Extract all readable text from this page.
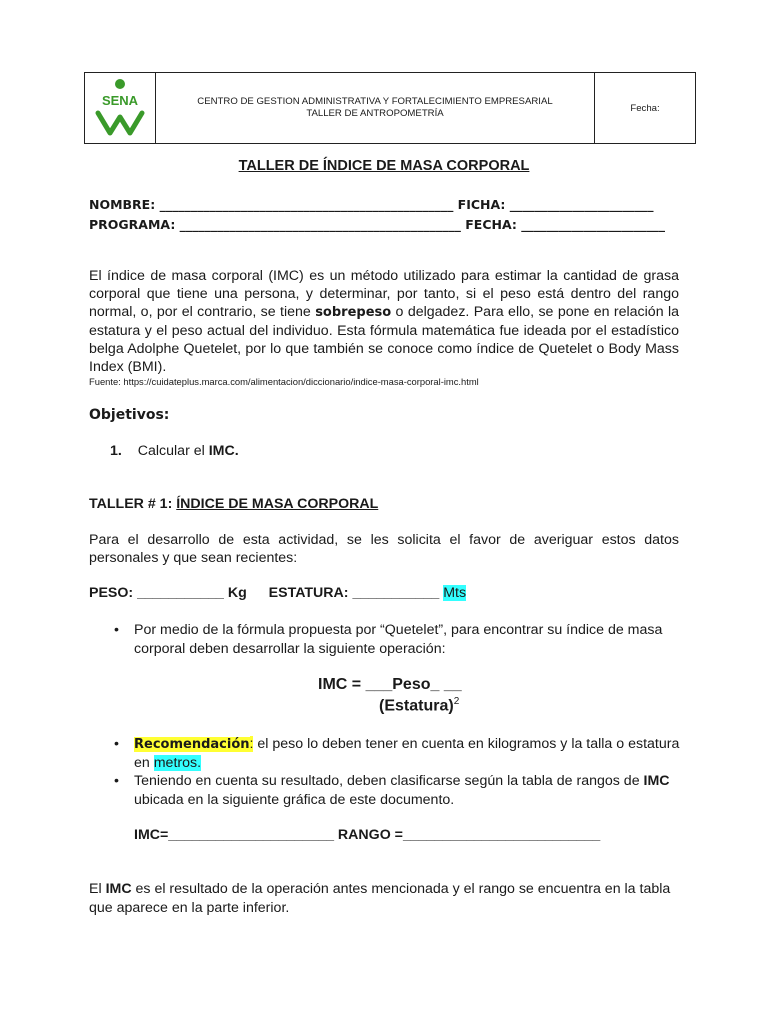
SENA	CENTRO DE GESTION ADMINISTRATIVA Y FORTALECIMIENTO EMPRESARIAL
TALLER DE ANTROPOMETRÍA	Fecha:
TALLER DE ÍNDICE DE MASA CORPORAL
NOMBRE: _______________________________________________ FICHA: _______________________
PROGRAMA: _____________________________________________ FECHA: _______________________
El índice de masa corporal (IMC) es un método utilizado para estimar la cantidad de grasa corporal que tiene una persona, y determinar, por tanto, si el peso está dentro del rango normal, o, por el contrario, se tiene sobrepeso o delgadez. Para ello, se pone en relación la estatura y el peso actual del individuo. Esta fórmula matemática fue ideada por el estadístico belga Adolphe Quetelet, por lo que también se conoce como índice de Quetelet o Body Mass Index (BMI).
Fuente: https://cuidateplus.marca.com/alimentacion/diccionario/indice-masa-corporal-imc.html
Objetivos:
1. Calcular el IMC.
TALLER # 1: ÍNDICE DE MASA CORPORAL
Para el desarrollo de esta actividad, se les solicita el favor de averiguar estos datos personales y que sean recientes:
PESO: ___________ Kg ESTATURA: ___________ Mts
• Por medio de la fórmula propuesta por “Quetelet”, para encontrar su índice de masa corporal deben desarrollar la siguiente operación:
IMC = ___Peso_ __
(Estatura)$^2$
• Recomendación: el peso lo deben tener en cuenta en kilogramos y la talla o estatura en metros.
• Teniendo en cuenta su resultado, deben clasificarse según la tabla de rangos de IMC ubicada en la siguiente gráfica de este documento.
IMC=_____________________ RANGO =_________________________
El IMC es el resultado de la operación antes mencionada y el rango se encuentra en la tabla que aparece en la parte inferior.
